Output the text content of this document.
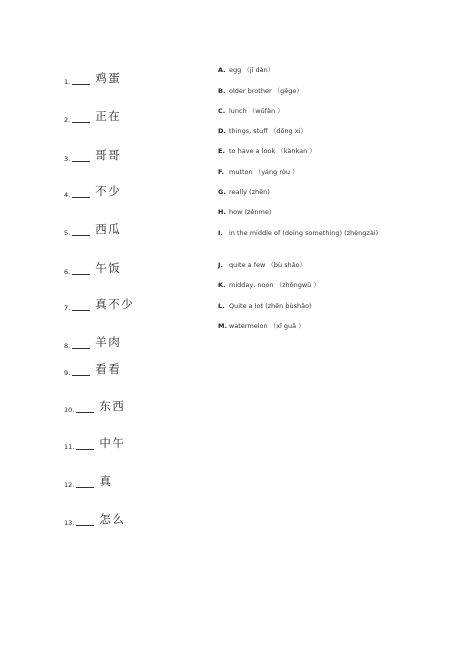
1. 鸡蛋
2. 正在
3. 哥哥
4. 不少
5. 西瓜
6. 午饭
7. 真不少
8. 羊肉
9. 看看
10. 东西
11. 中午
12. 真
13. 怎么
A. egg （jī dàn）
B. older brother （gēge）
C. lunch （wǔfàn ）
D. things, stuff （dōng xi）
E. to have a look （kànkan ）
F. mutton （yáng ròu ）
G. really (zhēn)
H. how (zěnme)
I. in the middle of (doing something) (zhèngzài)
J. quite a few （bù shǎo）
K. midday, noon （zhōngwǔ ）
L. Quite a lot (zhēn bùshǎo)
M. watermelon （xī guā ）
